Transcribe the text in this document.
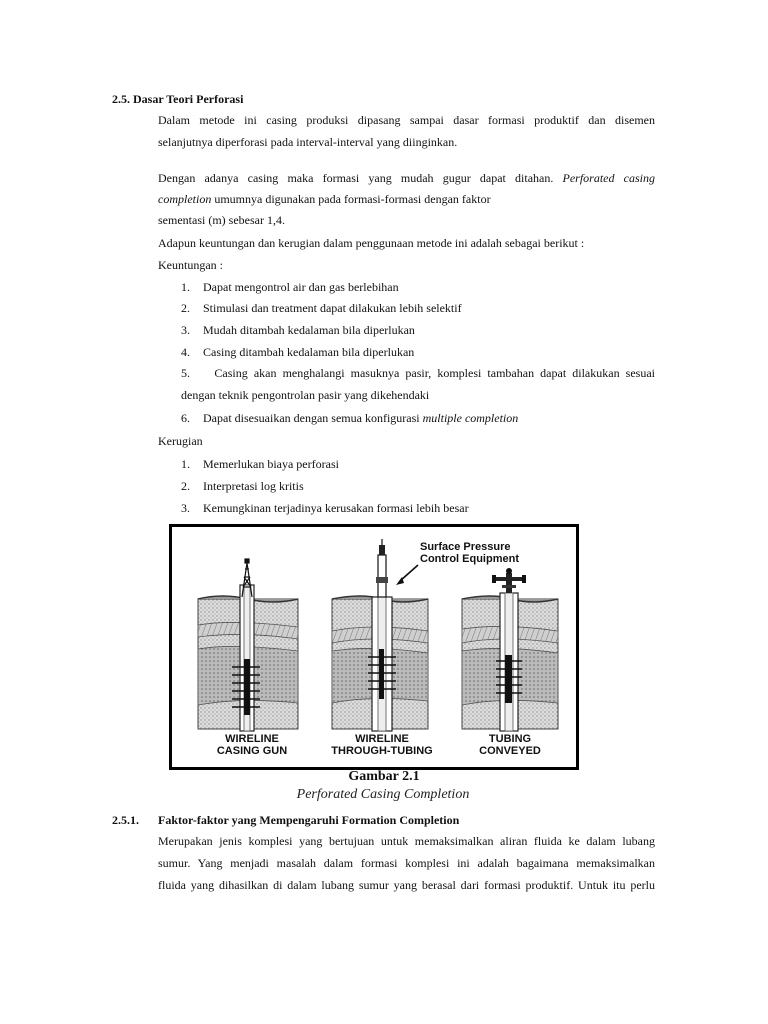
2.5. Dasar Teori Perforasi
Dalam metode ini casing produksi dipasang sampai dasar formasi produktif dan disemen
selanjutnya diperforasi pada interval-interval yang diinginkan.
Dengan adanya casing maka formasi yang mudah gugur dapat ditahan. Perforated casing
completion umumnya digunakan pada formasi-formasi dengan faktor
sementasi (m) sebesar 1,4.
Adapun keuntungan dan kerugian dalam penggunaan metode ini adalah sebagai berikut :
Keuntungan :
1.	Dapat mengontrol air dan gas berlebihan
2.	Stimulasi dan treatment dapat dilakukan lebih selektif
3.	Mudah ditambah kedalaman bila diperlukan
4.	Casing ditambah kedalaman bila diperlukan
5. Casing akan menghalangi masuknya pasir, komplesi tambahan dapat dilakukan sesuai
dengan teknik pengontrolan pasir yang dikehendaki
6.	Dapat disesuaikan dengan semua konfigurasi multiple completion
Kerugian
1.	Memerlukan biaya perforasi
2.	Interpretasi log kritis
3.	Kemungkinan terjadinya kerusakan formasi lebih besar
Surface Pressure
Control Equipment
WIRELINE
CASING GUN
WIRELINE
THROUGH-TUBING
TUBING
CONVEYED
Gambar 2.1
Perforated Casing Completion
2.5.1. Faktor-faktor yang Mempengaruhi Formation Completion
Merupakan jenis komplesi yang bertujuan untuk memaksimalkan aliran fluida ke dalam lubang
sumur. Yang menjadi masalah dalam formasi komplesi ini adalah bagaimana memaksimalkan
fluida yang dihasilkan di dalam lubang sumur yang berasal dari formasi produktif. Untuk itu perlu
